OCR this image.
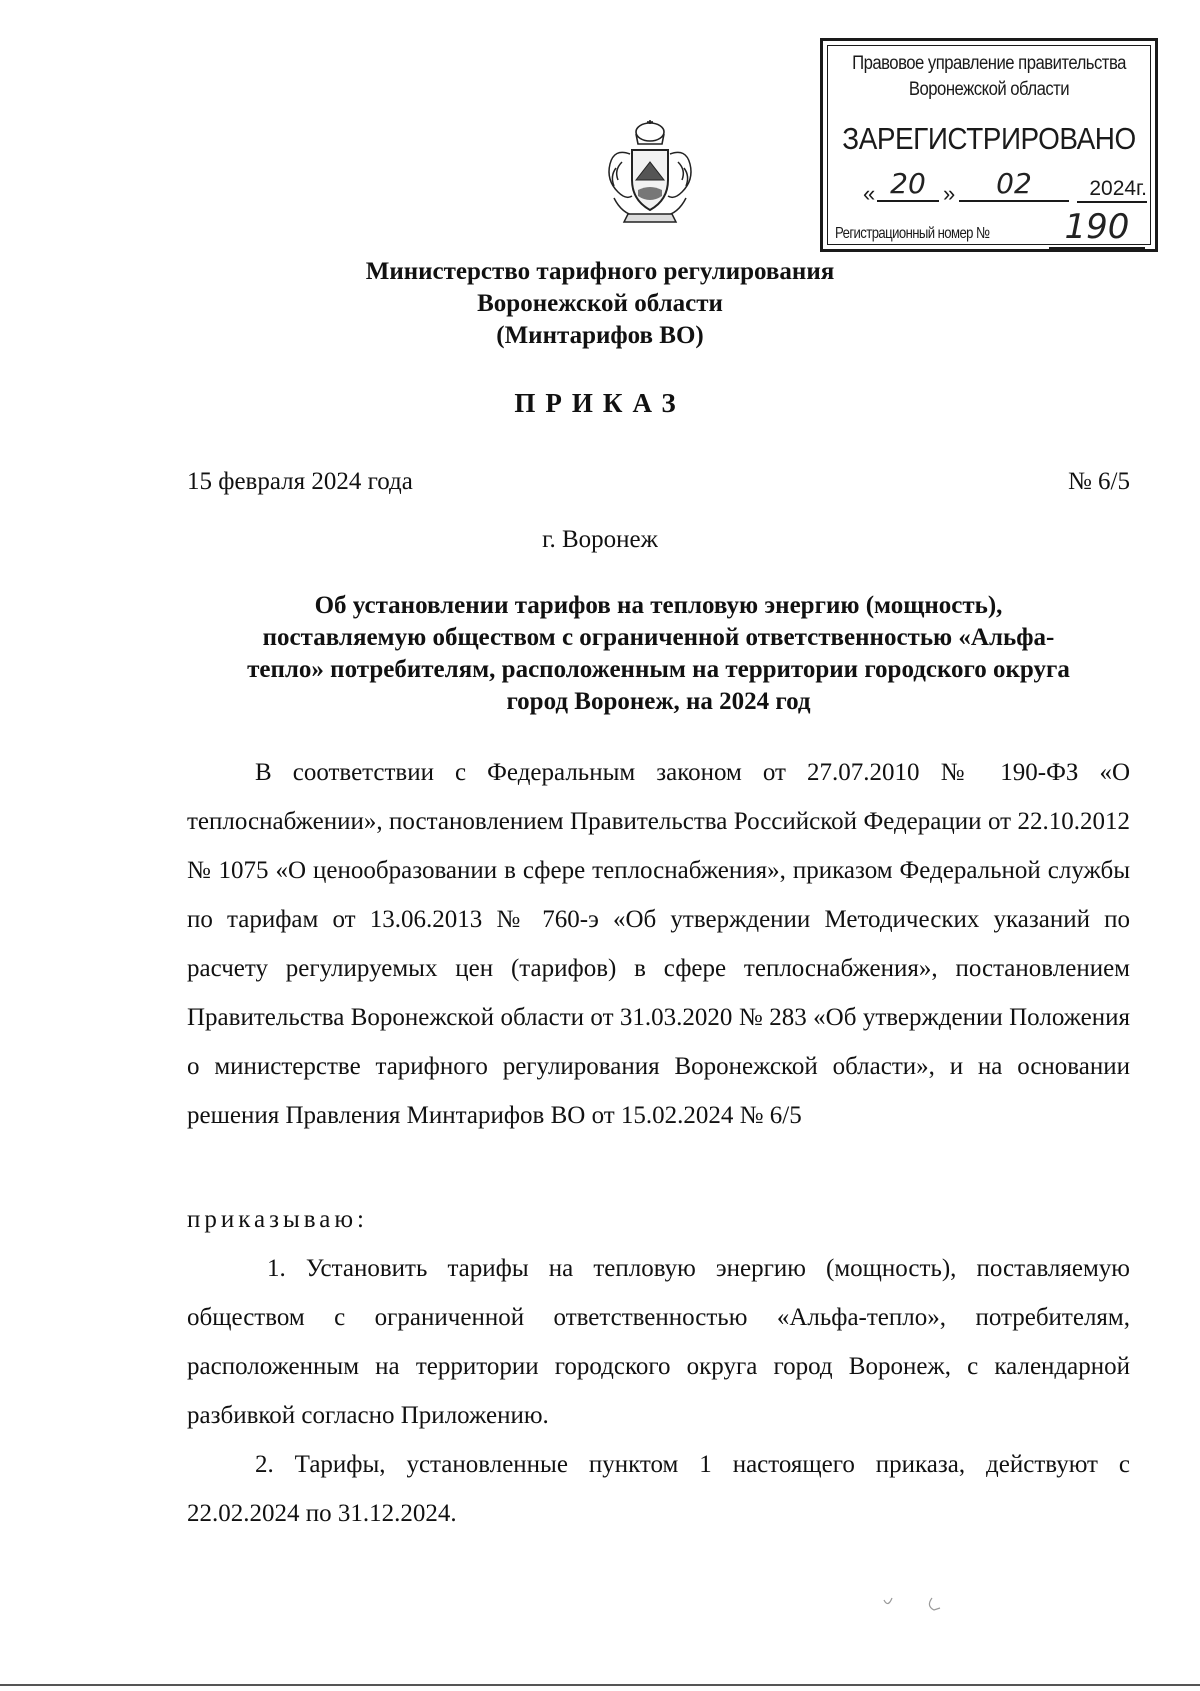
Правовое управление правительства
Воронежской области
ЗАРЕГИСТРИРОВАНО
« 20 »	02	2024г.
Регистрационный номер №	190
Министерство тарифного регулирования
Воронежской области
(Минтарифов ВО)
ПРИКАЗ
15 февраля 2024 года	№ 6/5
г. Воронеж
Об установлении тарифов на тепловую энергию (мощность),
поставляемую обществом с ограниченной ответственностью «Альфа-
тепло» потребителям, расположенным на территории городского округа
город Воронеж, на 2024 год
В соответствии с Федеральным законом от 27.07.2010 № 190-ФЗ «О теплоснабжении», постановлением Правительства Российской Федерации от 22.10.2012 № 1075 «О ценообразовании в сфере теплоснабжения», приказом Федеральной службы по тарифам от 13.06.2013 № 760-э «Об утверждении Методических указаний по расчету регулируемых цен (тарифов) в сфере теплоснабжения», постановлением Правительства Воронежской области от 31.03.2020 № 283 «Об утверждении Положения о министерстве тарифного регулирования Воронежской области», и на основании решения Правления Минтарифов ВО от 15.02.2024 № 6/5
приказываю:
1. Установить тарифы на тепловую энергию (мощность), поставляемую обществом с ограниченной ответственностью «Альфа-тепло», потребителям, расположенным на территории городского округа город Воронеж, с календарной разбивкой согласно Приложению.
2. Тарифы, установленные пунктом 1 настоящего приказа, действуют с 22.02.2024 по 31.12.2024.
